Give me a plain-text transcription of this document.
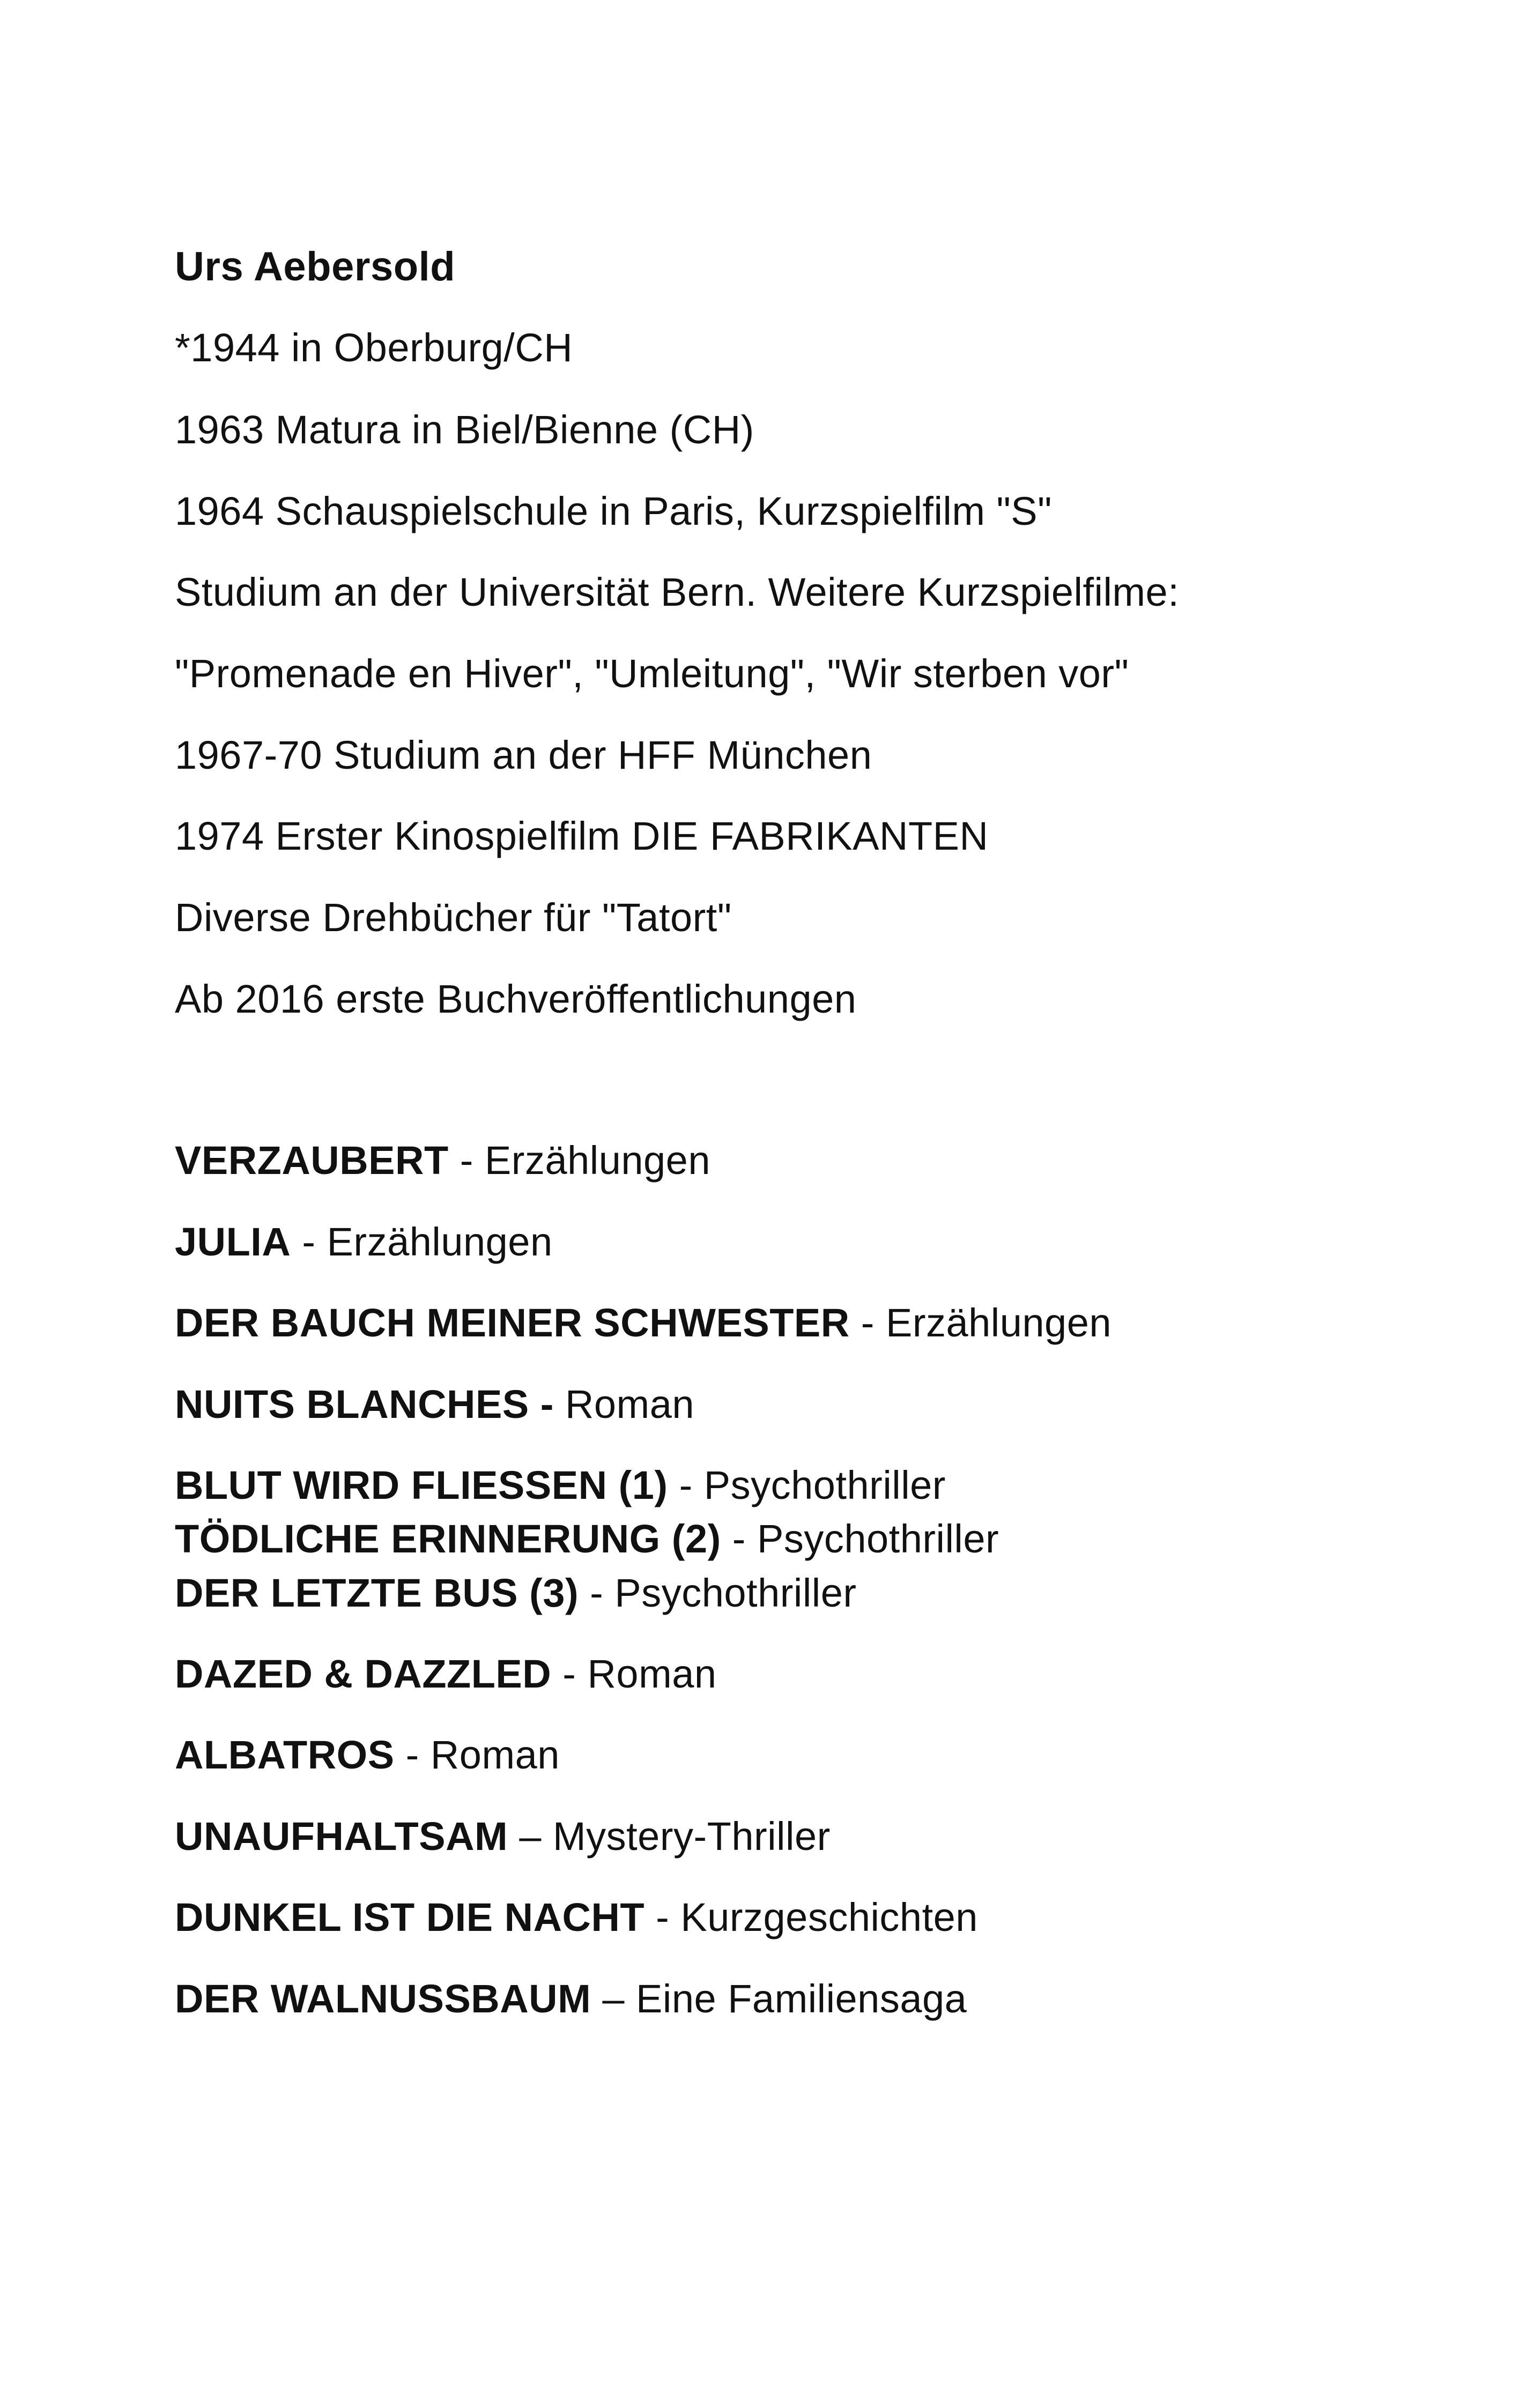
Urs Aebersold
*1944 in Oberburg/CH
1963 Matura in Biel/Bienne (CH)
1964 Schauspielschule in Paris, Kurzspielfilm "S"
Studium an der Universität Bern. Weitere Kurzspielfilme:
"Promenade en Hiver", "Umleitung", "Wir sterben vor"
1967-70 Studium an der HFF München
1974 Erster Kinospielfilm DIE FABRIKANTEN
Diverse Drehbücher für "Tatort"
Ab 2016 erste Buchveröffentlichungen
VERZAUBERT - Erzählungen
JULIA - Erzählungen
DER BAUCH MEINER SCHWESTER - Erzählungen
NUITS BLANCHES - Roman
BLUT WIRD FLIESSEN (1) - Psychothriller
TÖDLICHE ERINNERUNG (2) - Psychothriller
DER LETZTE BUS (3) - Psychothriller
DAZED & DAZZLED - Roman
ALBATROS - Roman
UNAUFHALTSAM – Mystery-Thriller
DUNKEL IST DIE NACHT - Kurzgeschichten
DER WALNUSSBAUM – Eine Familiensaga
